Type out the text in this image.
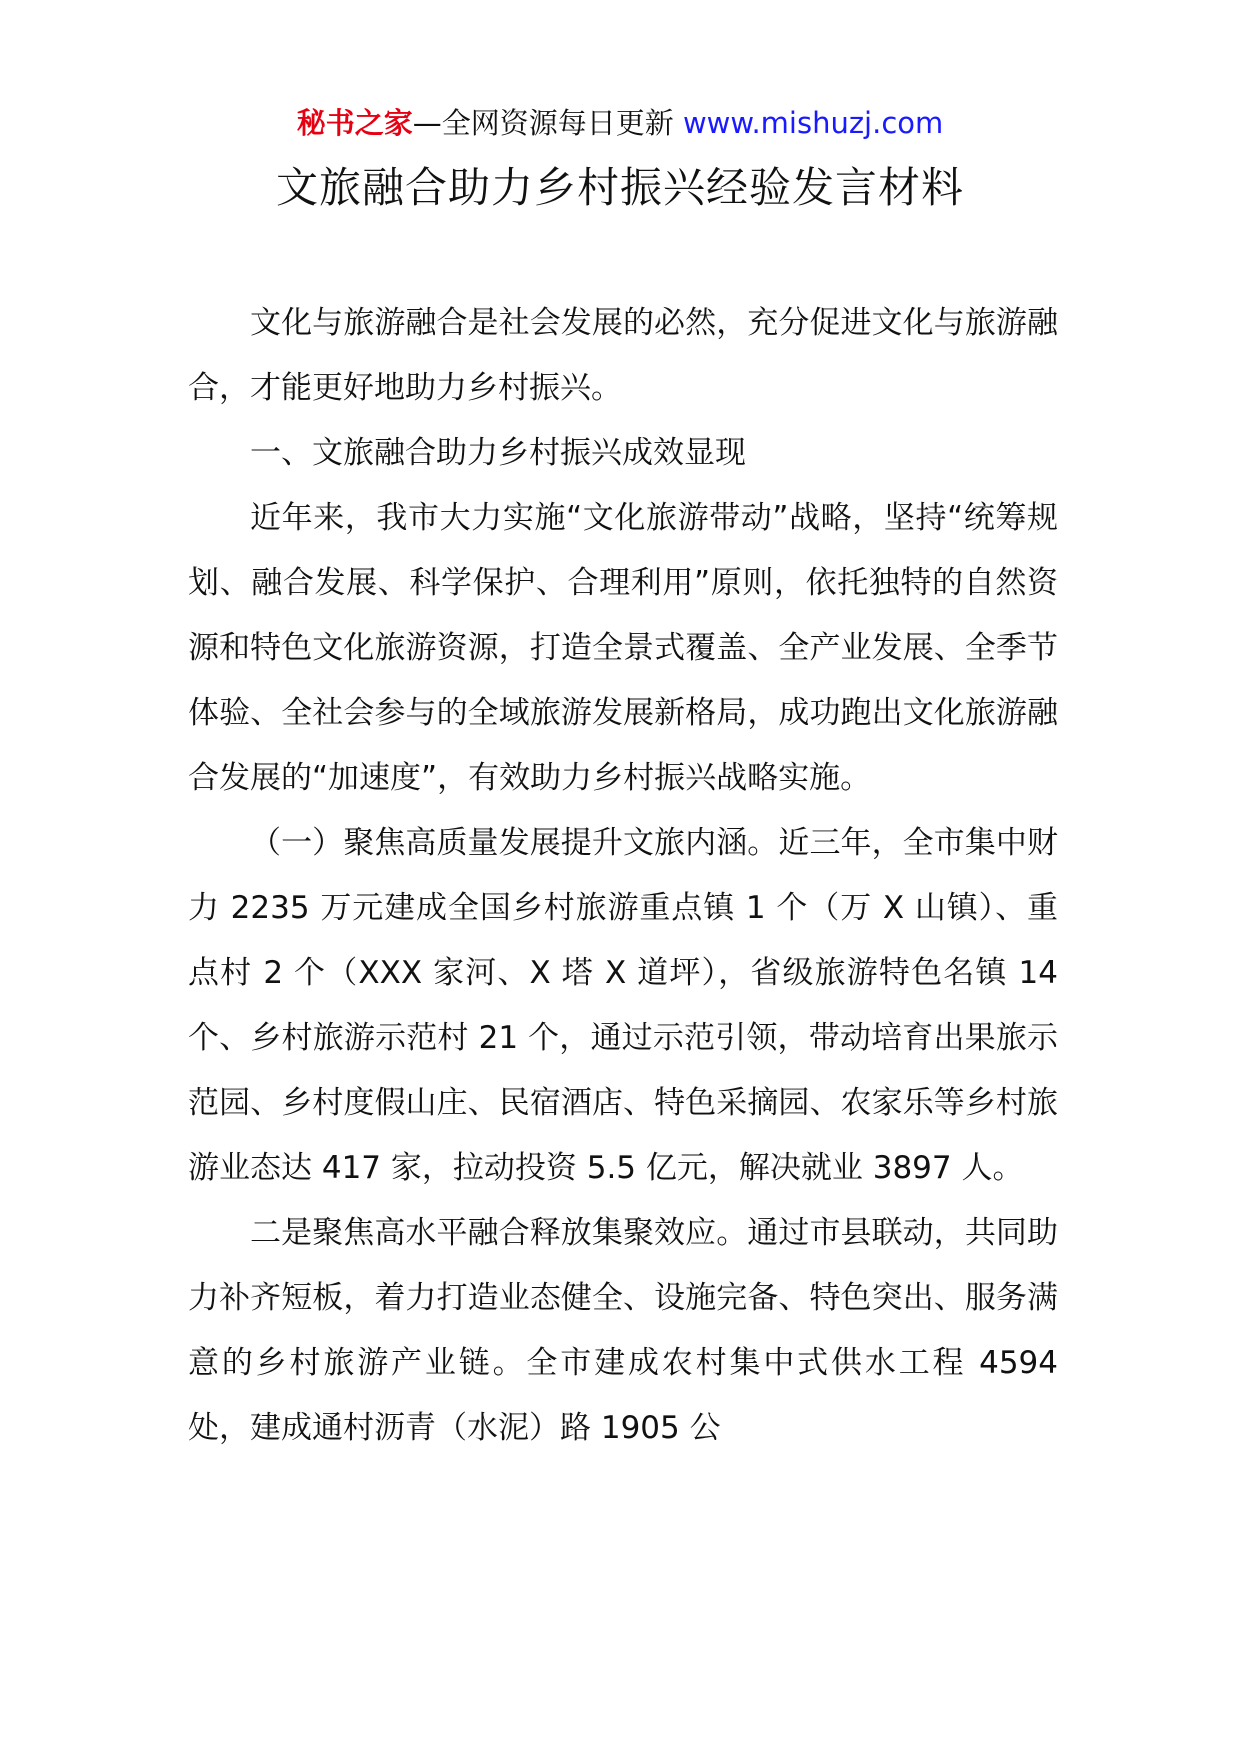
秘书之家—全网资源每日更新 www.mishuzj.com
文旅融合助力乡村振兴经验发言材料

文化与旅游融合是社会发展的必然，充分促进文化与旅游融合，才能更好地助力乡村振兴。

一、文旅融合助力乡村振兴成效显现

近年来，我市大力实施“文化旅游带动”战略，坚持“统筹规划、融合发展、科学保护、合理利用”原则，依托独特的自然资源和特色文化旅游资源，打造全景式覆盖、全产业发展、全季节体验、全社会参与的全域旅游发展新格局，成功跑出文化旅游融合发展的“加速度”，有效助力乡村振兴战略实施。

（一）聚焦高质量发展提升文旅内涵。近三年，全市集中财力 2235 万元建成全国乡村旅游重点镇 1 个（万 X 山镇）、重点村 2 个（XXX 家河、X 塔 X 道坪），省级旅游特色名镇 14 个、乡村旅游示范村 21 个，通过示范引领，带动培育出果旅示范园、乡村度假山庄、民宿酒店、特色采摘园、农家乐等乡村旅游业态达 417 家，拉动投资 5.5 亿元，解决就业 3897 人。

二是聚焦高水平融合释放集聚效应。通过市县联动，共同助力补齐短板，着力打造业态健全、设施完备、特色突出、服务满意的乡村旅游产业链。全市建成农村集中式供水工程 4594 处，建成通村沥青（水泥）路 1905 公
